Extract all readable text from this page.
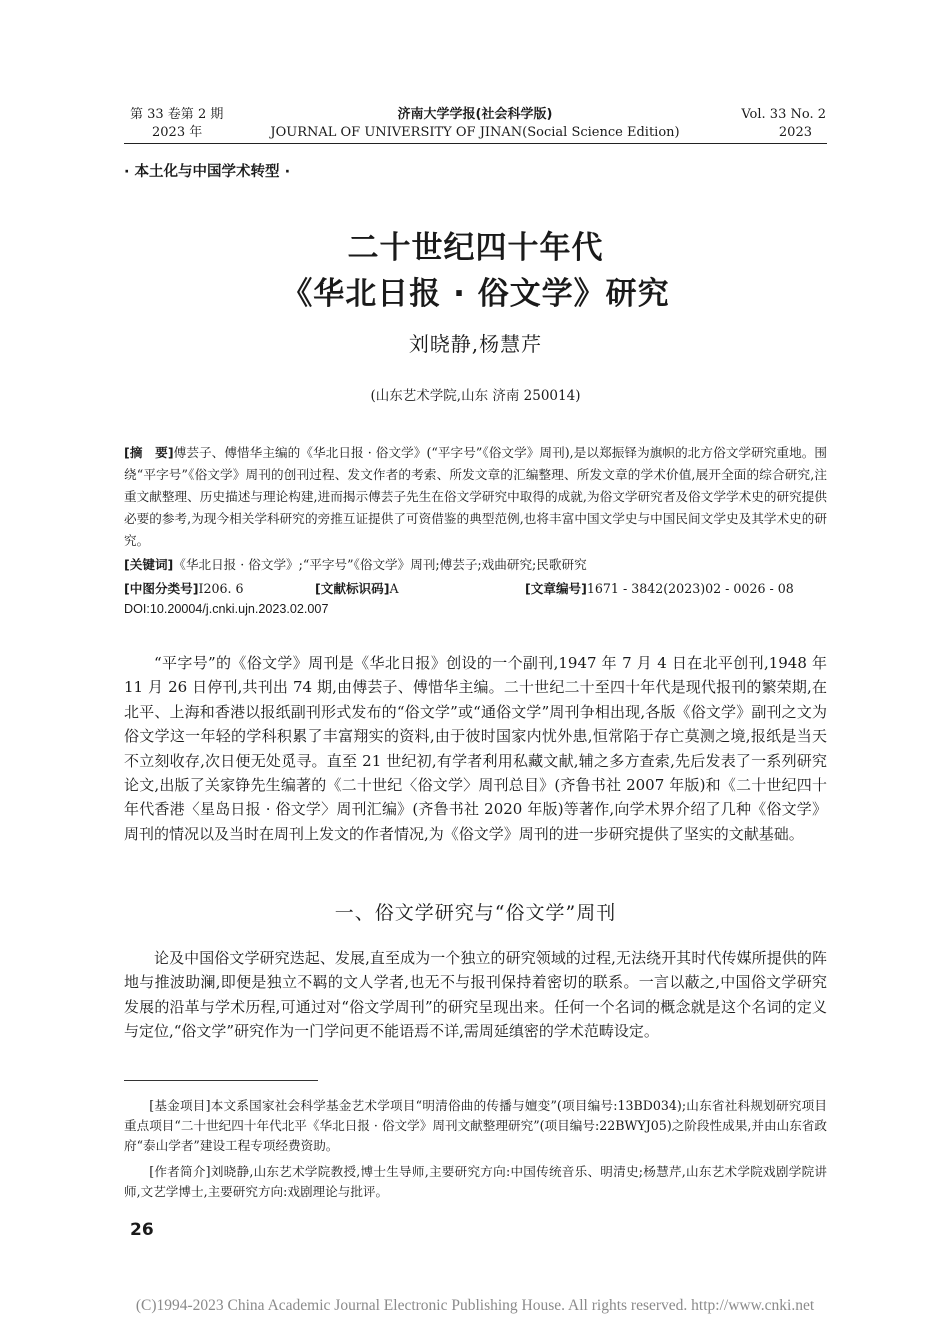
第 33 卷第 2 期
2023 年
济南大学学报(社会科学版)
JOURNAL OF UNIVERSITY OF JINAN(Social Science Edition)
Vol. 33 No. 2
2023
· 本土化与中国学术转型 ·
二十世纪四十年代
《华北日报 · 俗文学》研究
刘晓静,杨慧芹
(山东艺术学院,山东 济南 250014)
[摘　要]傅芸子、傅惜华主编的《华北日报 · 俗文学》(“平字号”《俗文学》周刊),是以郑振铎为旗帜的北方俗文学研究重地。围绕“平字号”《俗文学》周刊的创刊过程、发文作者的考索、所发文章的汇编整理、所发文章的学术价值,展开全面的综合研究,注重文献整理、历史描述与理论构建,进而揭示傅芸子先生在俗文学研究中取得的成就,为俗文学研究者及俗文学学术史的研究提供必要的参考,为现今相关学科研究的旁推互证提供了可资借鉴的典型范例,也将丰富中国文学史与中国民间文学史及其学术史的研究。
[关键词]《华北日报 · 俗文学》;“平字号”《俗文学》周刊;傅芸子;戏曲研究;民歌研究
[中图分类号]I206. 6	[文献标识码]A	[文章编号]1671 - 3842(2023)02 - 0026 - 08
DOI:10.20004/j.cnki.ujn.2023.02.007
“平字号”的《俗文学》周刊是《华北日报》创设的一个副刊,1947 年 7 月 4 日在北平创刊,1948 年 11 月 26 日停刊,共刊出 74 期,由傅芸子、傅惜华主编。二十世纪二十至四十年代是现代报刊的繁荣期,在北平、上海和香港以报纸副刊形式发布的“俗文学”或“通俗文学”周刊争相出现,各版《俗文学》副刊之文为俗文学这一年轻的学科积累了丰富翔实的资料,由于彼时国家内忧外患,恒常陷于存亡莫测之境,报纸是当天不立刻收存,次日便无处觅寻。直至 21 世纪初,有学者利用私藏文献,辅之多方查索,先后发表了一系列研究论文,出版了关家铮先生编著的《二十世纪〈俗文学〉周刊总目》(齐鲁书社 2007 年版)和《二十世纪四十年代香港〈星岛日报 · 俗文学〉周刊汇编》(齐鲁书社 2020 年版)等著作,向学术界介绍了几种《俗文学》周刊的情况以及当时在周刊上发文的作者情况,为《俗文学》周刊的进一步研究提供了坚实的文献基础。
一、俗文学研究与“俗文学”周刊
论及中国俗文学研究迭起、发展,直至成为一个独立的研究领域的过程,无法绕开其时代传媒所提供的阵地与推波助澜,即便是独立不羁的文人学者,也无不与报刊保持着密切的联系。一言以蔽之,中国俗文学研究发展的沿革与学术历程,可通过对“俗文学周刊”的研究呈现出来。任何一个名词的概念就是这个名词的定义与定位,“俗文学”研究作为一门学问更不能语焉不详,需周延缜密的学术范畴设定。
[基金项目]本文系国家社会科学基金艺术学项目“明清俗曲的传播与嬗变”(项目编号:13BD034);山东省社科规划研究项目重点项目“二十世纪四十年代北平《华北日报 · 俗文学》周刊文献整理研究”(项目编号:22BWYJ05)之阶段性成果,并由山东省政府“泰山学者”建设工程专项经费资助。
[作者简介]刘晓静,山东艺术学院教授,博士生导师,主要研究方向:中国传统音乐、明清史;杨慧芹,山东艺术学院戏剧学院讲师,文艺学博士,主要研究方向:戏剧理论与批评。
26
(C)1994-2023 China Academic Journal Electronic Publishing House. All rights reserved. http://www.cnki.net
